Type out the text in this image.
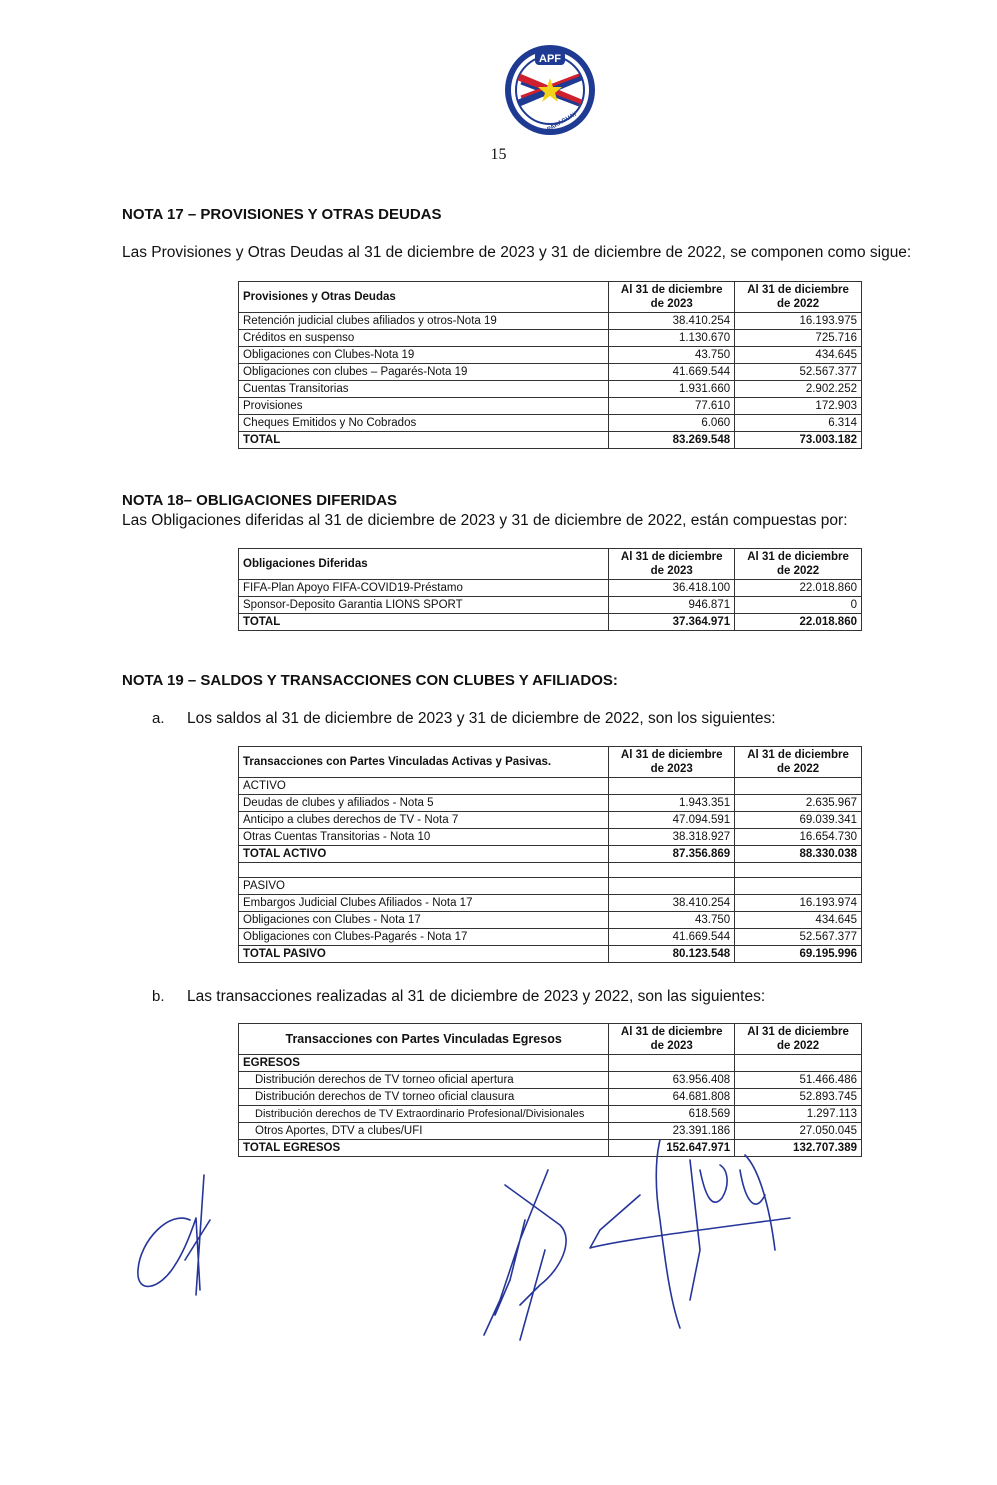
APF
PARAGUAY
15
NOTA 17 – PROVISIONES Y OTRAS DEUDAS
Las Provisiones y Otras Deudas al 31 de diciembre de 2023 y 31 de diciembre de 2022, se componen como sigue:
Provisiones y Otras Deudas	Al 31 de diciembre de 2023	Al 31 de diciembre de 2022
Retención judicial clubes afiliados y otros-Nota 19	38.410.254	16.193.975
Créditos en suspenso	1.130.670	725.716
Obligaciones con Clubes-Nota 19	43.750	434.645
Obligaciones con clubes – Pagarés-Nota 19	41.669.544	52.567.377
Cuentas Transitorias	1.931.660	2.902.252
Provisiones	77.610	172.903
Cheques Emitidos y No Cobrados	6.060	6.314
TOTAL	83.269.548	73.003.182
NOTA 18– OBLIGACIONES DIFERIDAS
Las Obligaciones diferidas al 31 de diciembre de 2023 y 31 de diciembre de 2022, están compuestas por:
Obligaciones Diferidas	Al 31 de diciembre de 2023	Al 31 de diciembre de 2022
FIFA-Plan Apoyo FIFA-COVID19-Préstamo	36.418.100	22.018.860
Sponsor-Deposito Garantia LIONS SPORT	946.871	0
TOTAL	37.364.971	22.018.860
NOTA 19 – SALDOS Y TRANSACCIONES CON CLUBES Y AFILIADOS:
a. Los saldos al 31 de diciembre de 2023 y 31 de diciembre de 2022, son los siguientes:
Transacciones con Partes Vinculadas Activas y Pasivas.	Al 31 de diciembre de 2023	Al 31 de diciembre de 2022
ACTIVO		
Deudas de clubes y afiliados - Nota 5	1.943.351	2.635.967
Anticipo a clubes derechos de TV - Nota 7	47.094.591	69.039.341
Otras Cuentas Transitorias - Nota 10	38.318.927	16.654.730
TOTAL ACTIVO	87.356.869	88.330.038

PASIVO		
Embargos Judicial Clubes Afiliados - Nota 17	38.410.254	16.193.974
Obligaciones con Clubes - Nota 17	43.750	434.645
Obligaciones con Clubes-Pagarés - Nota 17	41.669.544	52.567.377
TOTAL PASIVO	80.123.548	69.195.996
b. Las transacciones realizadas al 31 de diciembre de 2023 y 2022, son las siguientes:
Transacciones con Partes Vinculadas Egresos	Al 31 de diciembre de 2023	Al 31 de diciembre de 2022
EGRESOS		
Distribución derechos de TV torneo oficial apertura	63.956.408	51.466.486
Distribución derechos de TV torneo oficial clausura	64.681.808	52.893.745
Distribución derechos de TV Extraordinario Profesional/Divisionales	618.569	1.297.113
Otros Aportes, DTV a clubes/UFI	23.391.186	27.050.045
TOTAL EGRESOS	152.647.971	132.707.389
